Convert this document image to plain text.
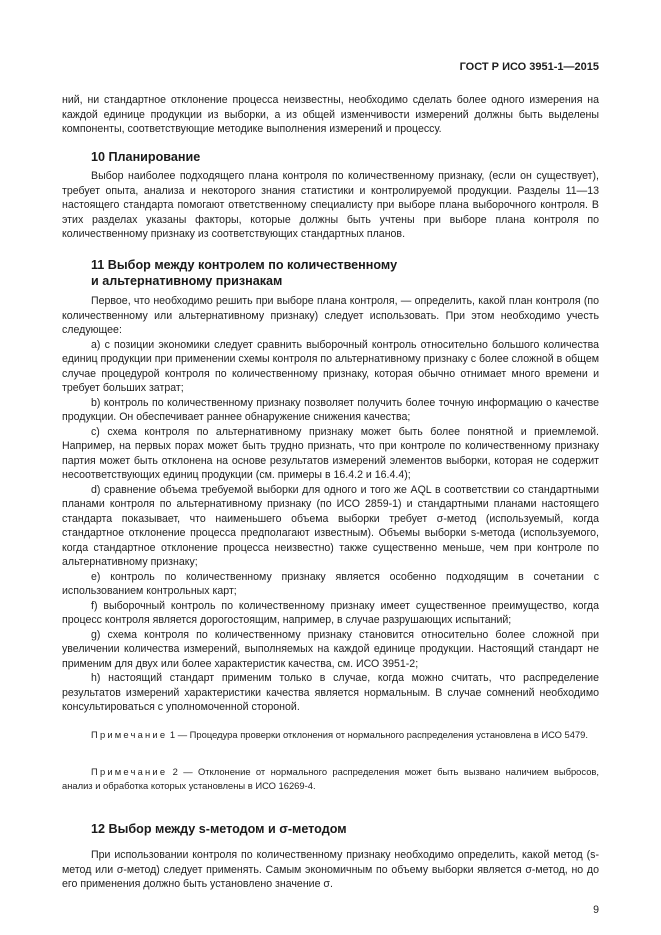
ГОСТ Р ИСО 3951-1—2015
ний, ни стандартное отклонение процесса неизвестны, необходимо сделать более одного измерения на каждой единице продукции из выборки, а из общей изменчивости измерений должны быть выделены компоненты, соответствующие методике выполнения измерений и процессу.
10 Планирование
Выбор наиболее подходящего плана контроля по количественному признаку, (если он существует), требует опыта, анализа и некоторого знания статистики и контролируемой продукции. Разделы 11—13 настоящего стандарта помогают ответственному специалисту при выборе плана выборочного контроля. В этих разделах указаны факторы, которые должны быть учтены при выборе плана контроля по количественному признаку из соответствующих стандартных планов.
11 Выбор между контролем по количественному
и альтернативному признакам
Первое, что необходимо решить при выборе плана контроля, — определить, какой план контроля (по количественному или альтернативному признаку) следует использовать. При этом необходимо учесть следующее:
a) с позиции экономики следует сравнить выборочный контроль относительно большого количества единиц продукции при применении схемы контроля по альтернативному признаку с более сложной в общем случае процедурой контроля по количественному признаку, которая обычно отнимает много времени и требует больших затрат;
b) контроль по количественному признаку позволяет получить более точную информацию о качестве продукции. Он обеспечивает раннее обнаружение снижения качества;
c) схема контроля по альтернативному признаку может быть более понятной и приемлемой. Например, на первых порах может быть трудно признать, что при контроле по количественному признаку партия может быть отклонена на основе результатов измерений элементов выборки, которая не содержит несоответствующих единиц продукции (см. примеры в 16.4.2 и 16.4.4);
d) сравнение объема требуемой выборки для одного и того же AQL в соответствии со стандартными планами контроля по альтернативному признаку (по ИСО 2859-1) и стандартными планами настоящего стандарта показывает, что наименьшего объема выборки требует σ-метод (используемый, когда стандартное отклонение процесса предполагают известным). Объемы выборки s-метода (используемого, когда стандартное отклонение процесса неизвестно) также существенно меньше, чем при контроле по альтернативному признаку;
e) контроль по количественному признаку является особенно подходящим в сочетании с использованием контрольных карт;
f) выборочный контроль по количественному признаку имеет существенное преимущество, когда процесс контроля является дорогостоящим, например, в случае разрушающих испытаний;
g) схема контроля по количественному признаку становится относительно более сложной при увеличении количества измерений, выполняемых на каждой единице продукции. Настоящий стандарт не применим для двух или более характеристик качества, см. ИСО 3951-2;
h) настоящий стандарт применим только в случае, когда можно считать, что распределение результатов измерений характеристики качества является нормальным. В случае сомнений необходимо консультироваться с уполномоченной стороной.
Примечание 1 — Процедура проверки отклонения от нормального распределения установлена в ИСО 5479.
Примечание 2 — Отклонение от нормального распределения может быть вызвано наличием выбросов, анализ и обработка которых установлены в ИСО 16269-4.
12 Выбор между s-методом и σ-методом
При использовании контроля по количественному признаку необходимо определить, какой метод (s-метод или σ-метод) следует применять. Самым экономичным по объему выборки является σ-метод, но до его применения должно быть установлено значение σ.
9
